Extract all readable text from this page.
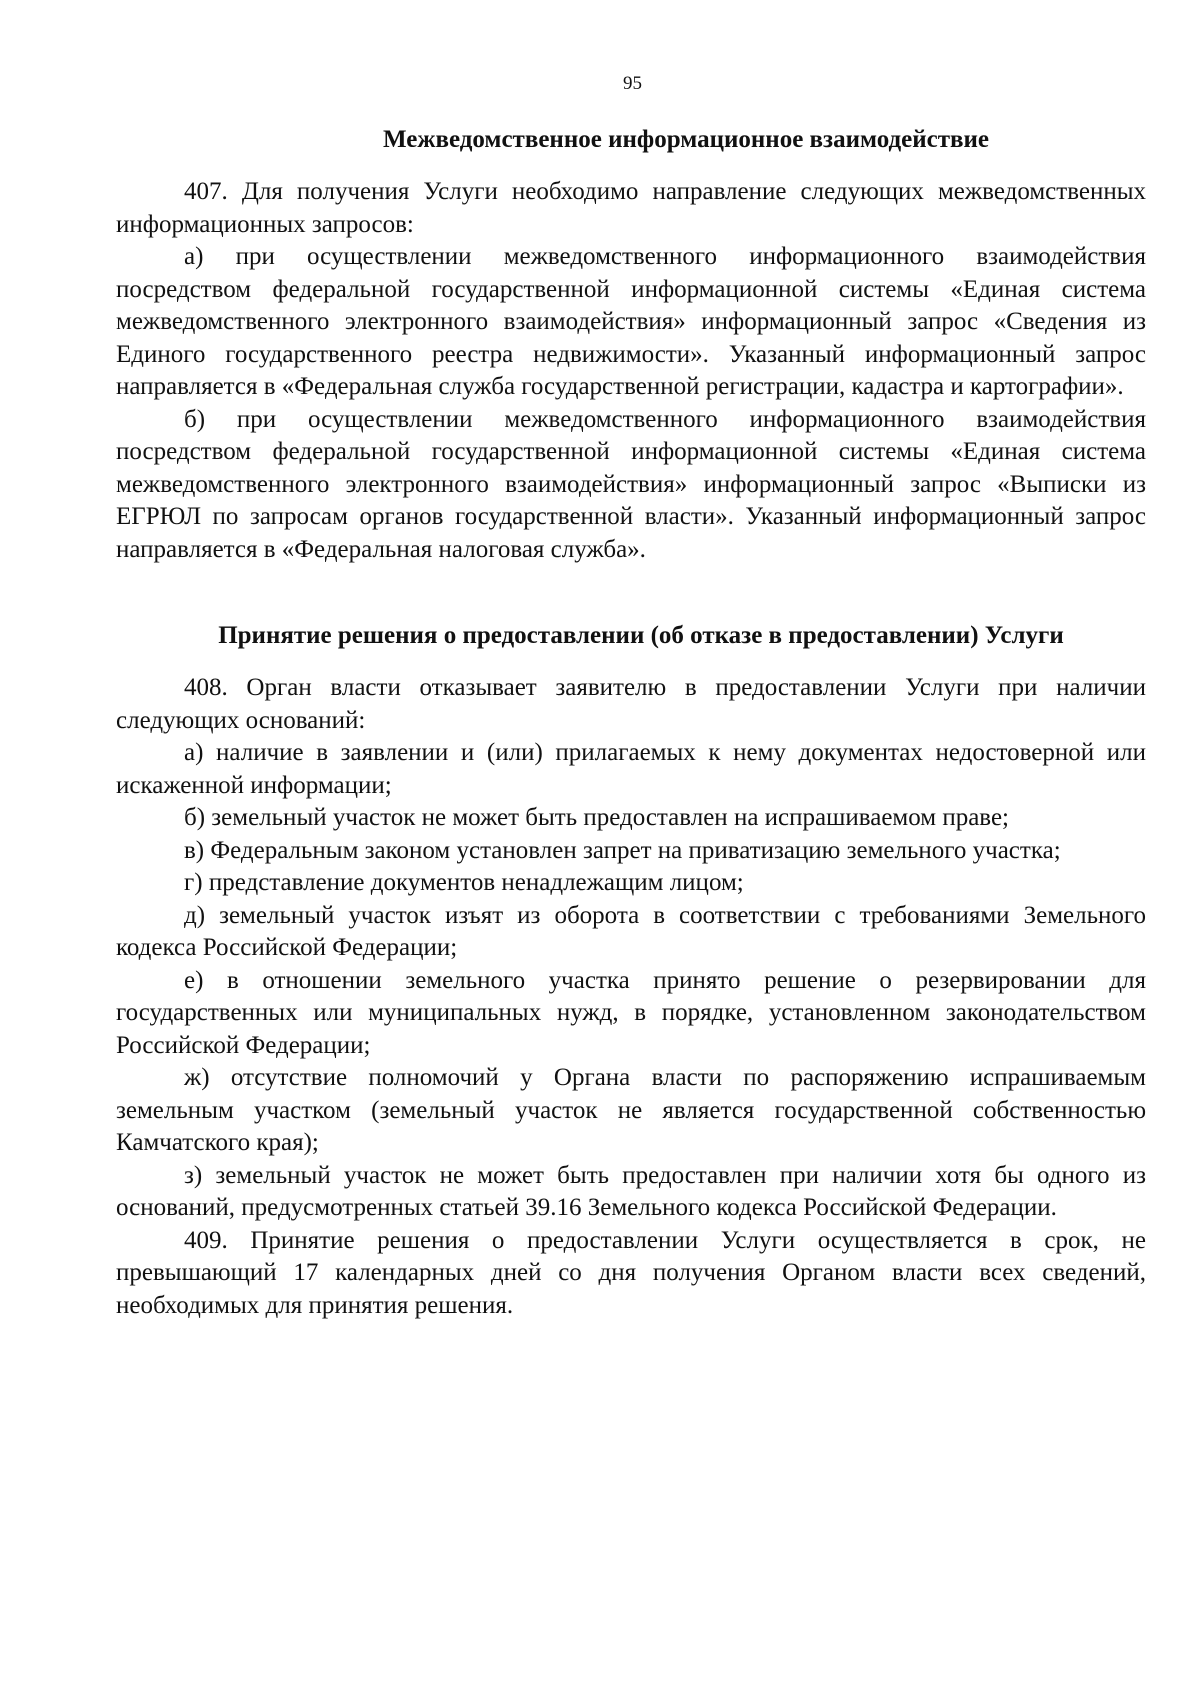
95
Межведомственное информационное взаимодействие

407. Для получения Услуги необходимо направление следующих межведомственных информационных запросов:

а) при осуществлении межведомственного информационного взаимодействия посредством федеральной государственной информационной системы «Единая система межведомственного электронного взаимодействия» информационный запрос «Сведения из Единого государственного реестра недвижимости». Указанный информационный запрос направляется в «Федеральная служба государственной регистрации, кадастра и картографии».

б) при осуществлении межведомственного информационного взаимодействия посредством федеральной государственной информационной системы «Единая система межведомственного электронного взаимодействия» информационный запрос «Выписки из ЕГРЮЛ по запросам органов государственной власти». Указанный информационный запрос направляется в «Федеральная налоговая служба».

Принятие решения о предоставлении (об отказе в предоставлении) Услуги

408. Орган власти отказывает заявителю в предоставлении Услуги при наличии следующих оснований:

а) наличие в заявлении и (или) прилагаемых к нему документах недостоверной или искаженной информации;

б) земельный участок не может быть предоставлен на испрашиваемом праве;

в) Федеральным законом установлен запрет на приватизацию земельного участка;

г) представление документов ненадлежащим лицом;

д) земельный участок изъят из оборота в соответствии с требованиями Земельного кодекса Российской Федерации;

е) в отношении земельного участка принято решение о резервировании для государственных или муниципальных нужд, в порядке, установленном законодательством Российской Федерации;

ж) отсутствие полномочий у Органа власти по распоряжению испрашиваемым земельным участком (земельный участок не является государственной собственностью Камчатского края);

з) земельный участок не может быть предоставлен при наличии хотя бы одного из оснований, предусмотренных статьей 39.16 Земельного кодекса Российской Федерации.

409. Принятие решения о предоставлении Услуги осуществляется в срок, не превышающий 17 календарных дней со дня получения Органом власти всех сведений, необходимых для принятия решения.
